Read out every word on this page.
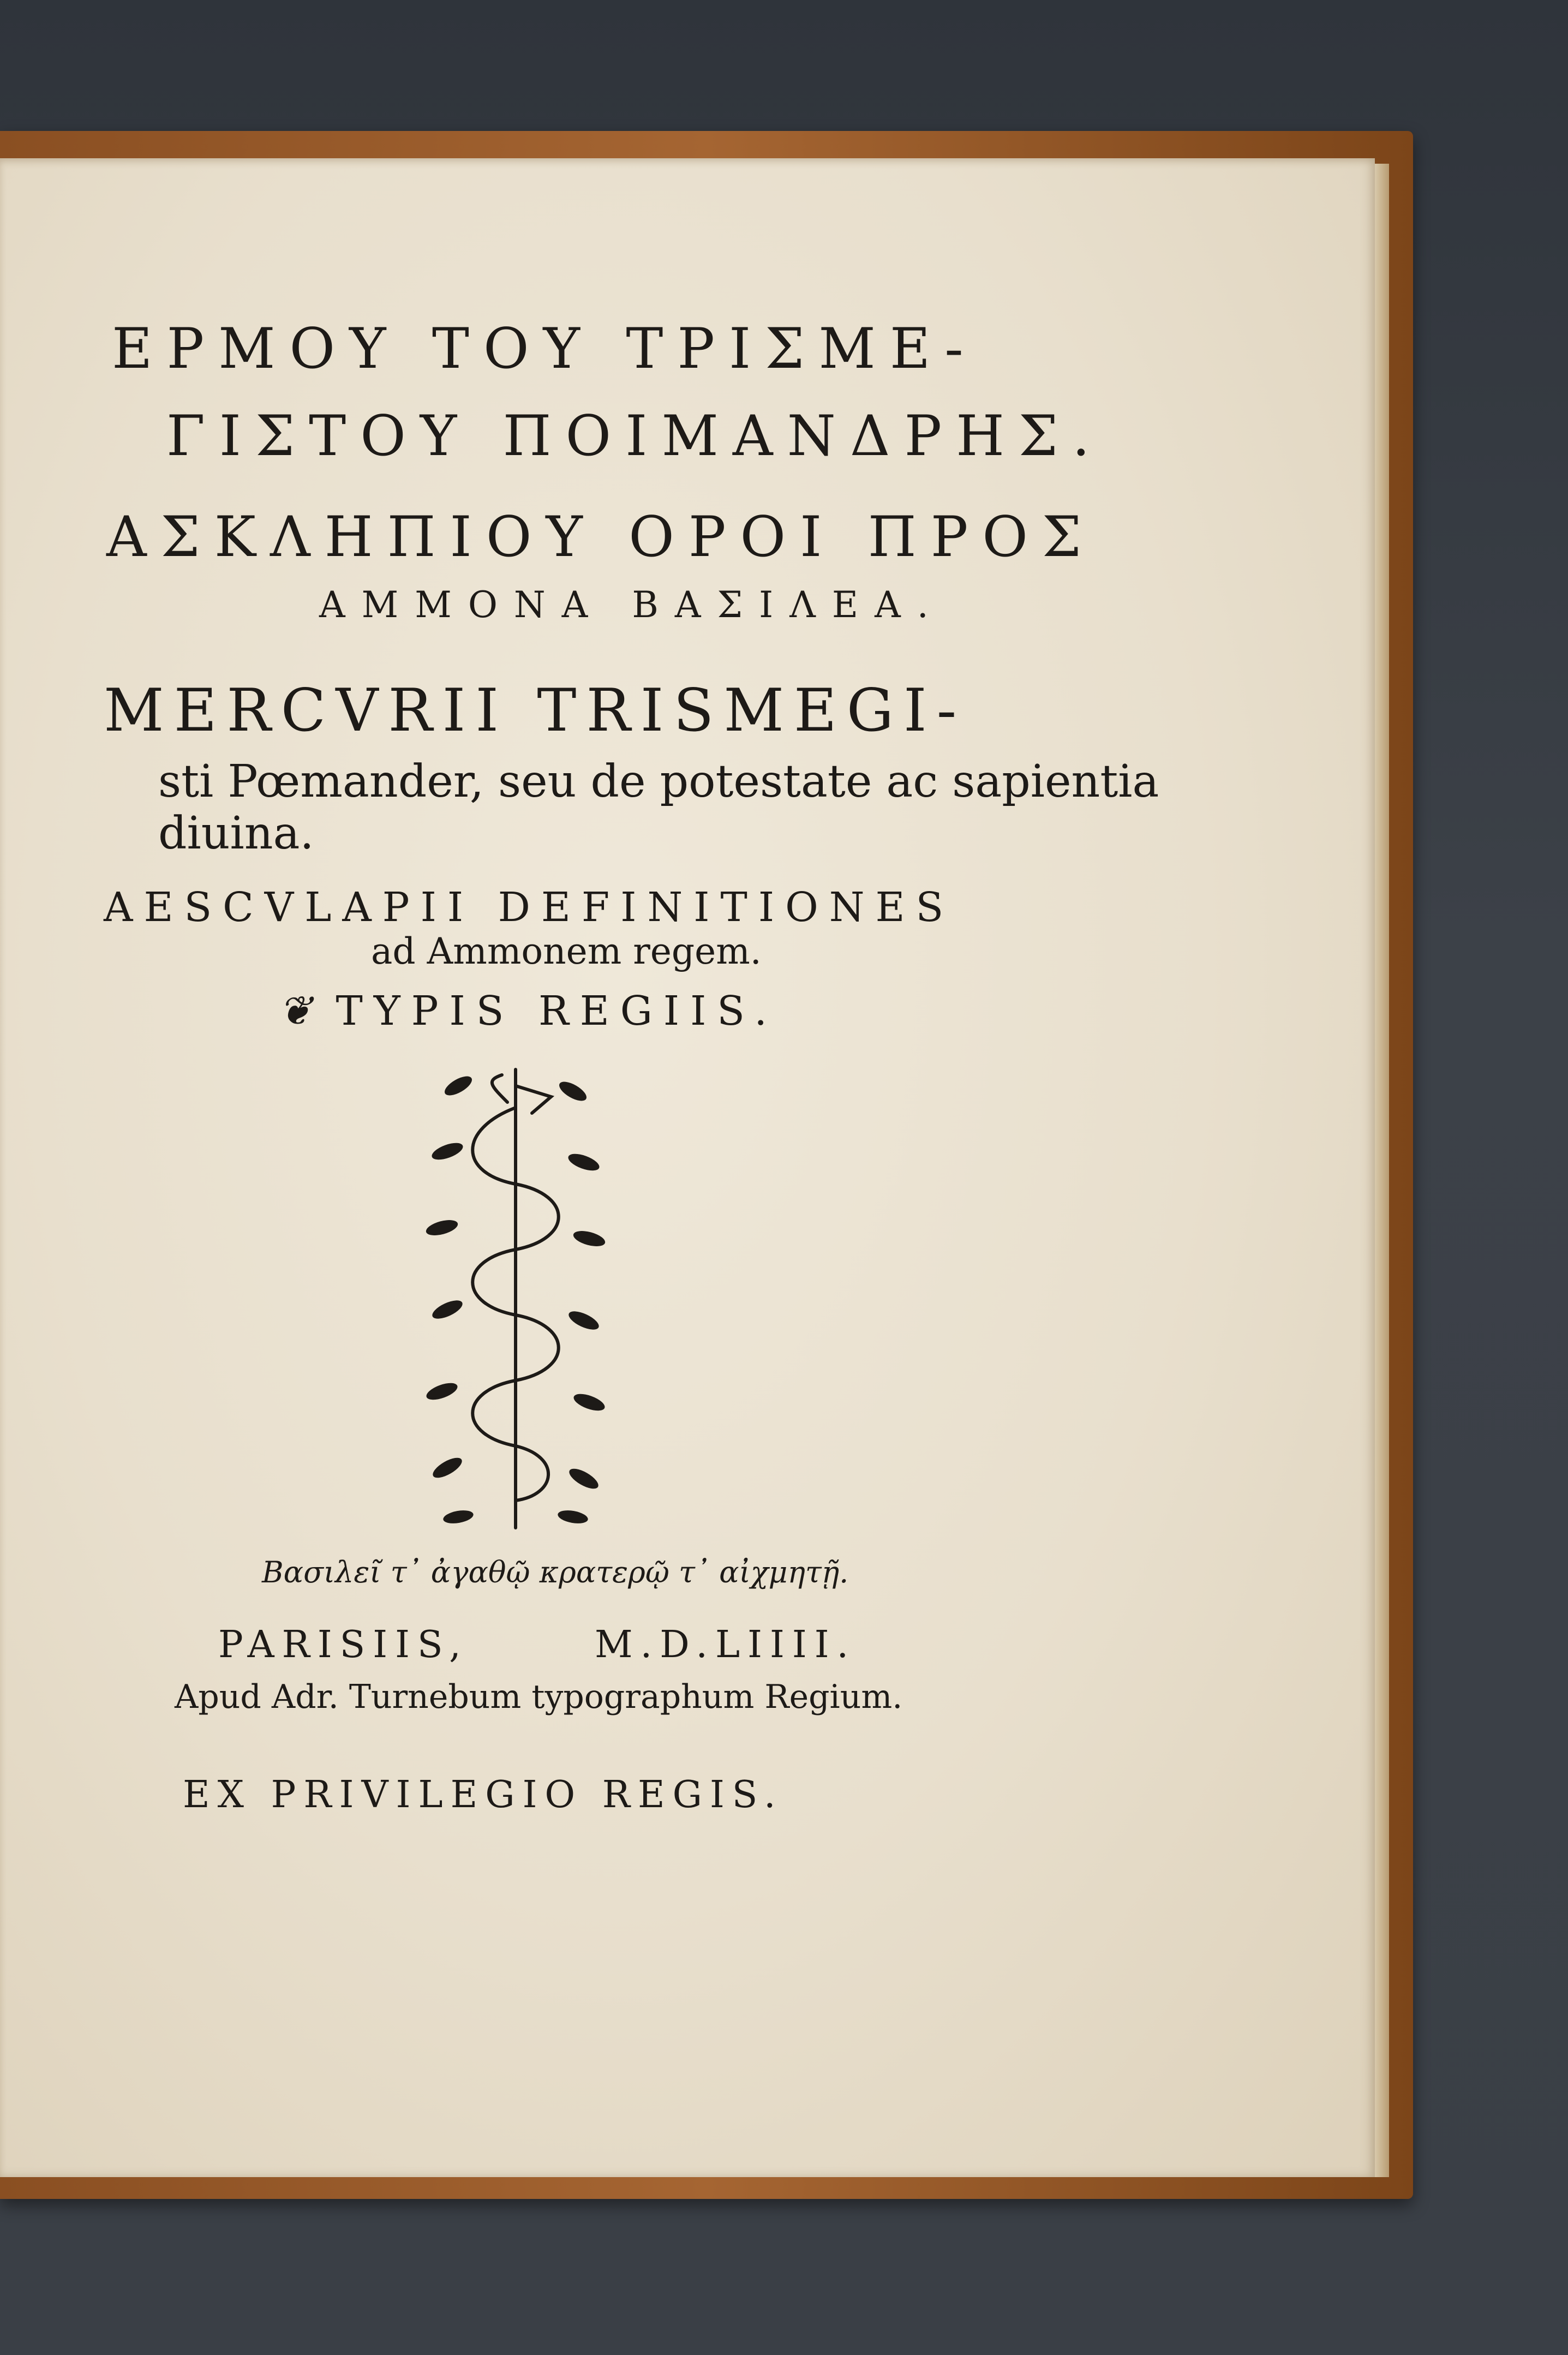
ΕΡΜΟΥ ΤΟΥ ΤΡΙΣΜΕ-
ΓΙΣΤΟΥ ΠΟΙΜΑΝΔΡΗΣ.
ΑΣΚΛΗΠΙΟΥ ΟΡΟΙ ΠΡΟΣ
ΑΜΜΟΝΑ ΒΑΣΙΛΕΑ.
MERCVRII TRISMEGI-
sti Pœmander, seu de potestate ac sapientia
diuina.
AESCVLAPII DEFINITIONES
ad Ammonem regem.
❦ TYPIS REGIIS.
Βασιλεῖ τ᾽ ἀγαθῷ κρατερῷ τ᾽ αἰχμητῇ.
PARISIIS,	M.D.LIIII.
Apud Adr. Turnebum typographum Regium.
EX PRIVILEGIO REGIS.
